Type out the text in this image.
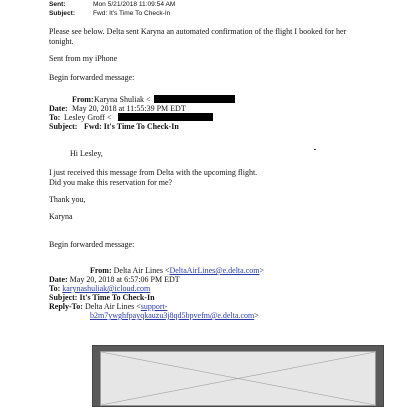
Sent:	Mon 5/21/2018 11:09:54 AM
Subject:	Fwd: It's Time To Check-In
Please see below. Delta sent Karyna an automated confirmation of the flight I booked for her
tonight.
Sent from my iPhone
Begin forwarded message:
From: Karyna Shuliak <
Date: May 20, 2018 at 11:55:39 PM EDT
To: Lesley Groff <
Subject: Fwd: It's Time To Check-In
Hi Lesley,
I just received this message from Delta with the upcoming flight.
Did you make this reservation for me?
Thank you,
Karyna
Begin forwarded message:
From: Delta Air Lines <DeltaAirLines@e.delta.com>
Date: May 20, 2018 at 6:57:06 PM EDT
To: karynashuliak@icloud.com
Subject: It's Time To Check-In
Reply-To: Delta Air Lines <support-
b2m7ywghfpayqkauzu3j8qd5bpvefm@e.delta.com>
